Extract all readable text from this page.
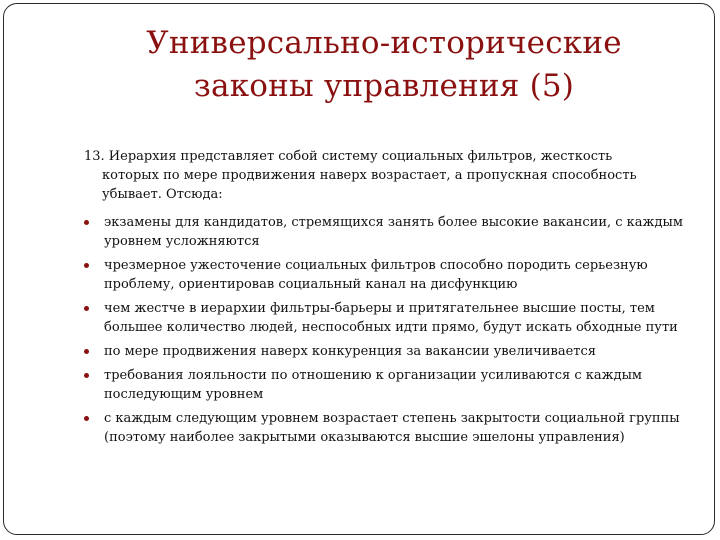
Универсально-исторические
законы управления (5)
13. Иерархия представляет собой систему социальных фильтров, жесткость
которых по мере продвижения наверх возрастает, а пропускная способность убывает. Отсюда:
экзамены для кандидатов, стремящихся занять более высокие вакансии, с каждым уровнем усложняются
чрезмерное ужесточение социальных фильтров способно породить серьезную проблему, ориентировав социальный канал на дисфункцию
чем жестче в иерархии фильтры-барьеры и притягательнее высшие посты, тем большее количество людей, неспособных идти прямо, будут искать обходные пути
по мере продвижения наверх конкуренция за вакансии увеличивается
требования лояльности по отношению к организации усиливаются с каждым последующим уровнем
с каждым следующим уровнем возрастает степень закрытости социальной группы (поэтому наиболее закрытыми оказываются высшие эшелоны управления)
